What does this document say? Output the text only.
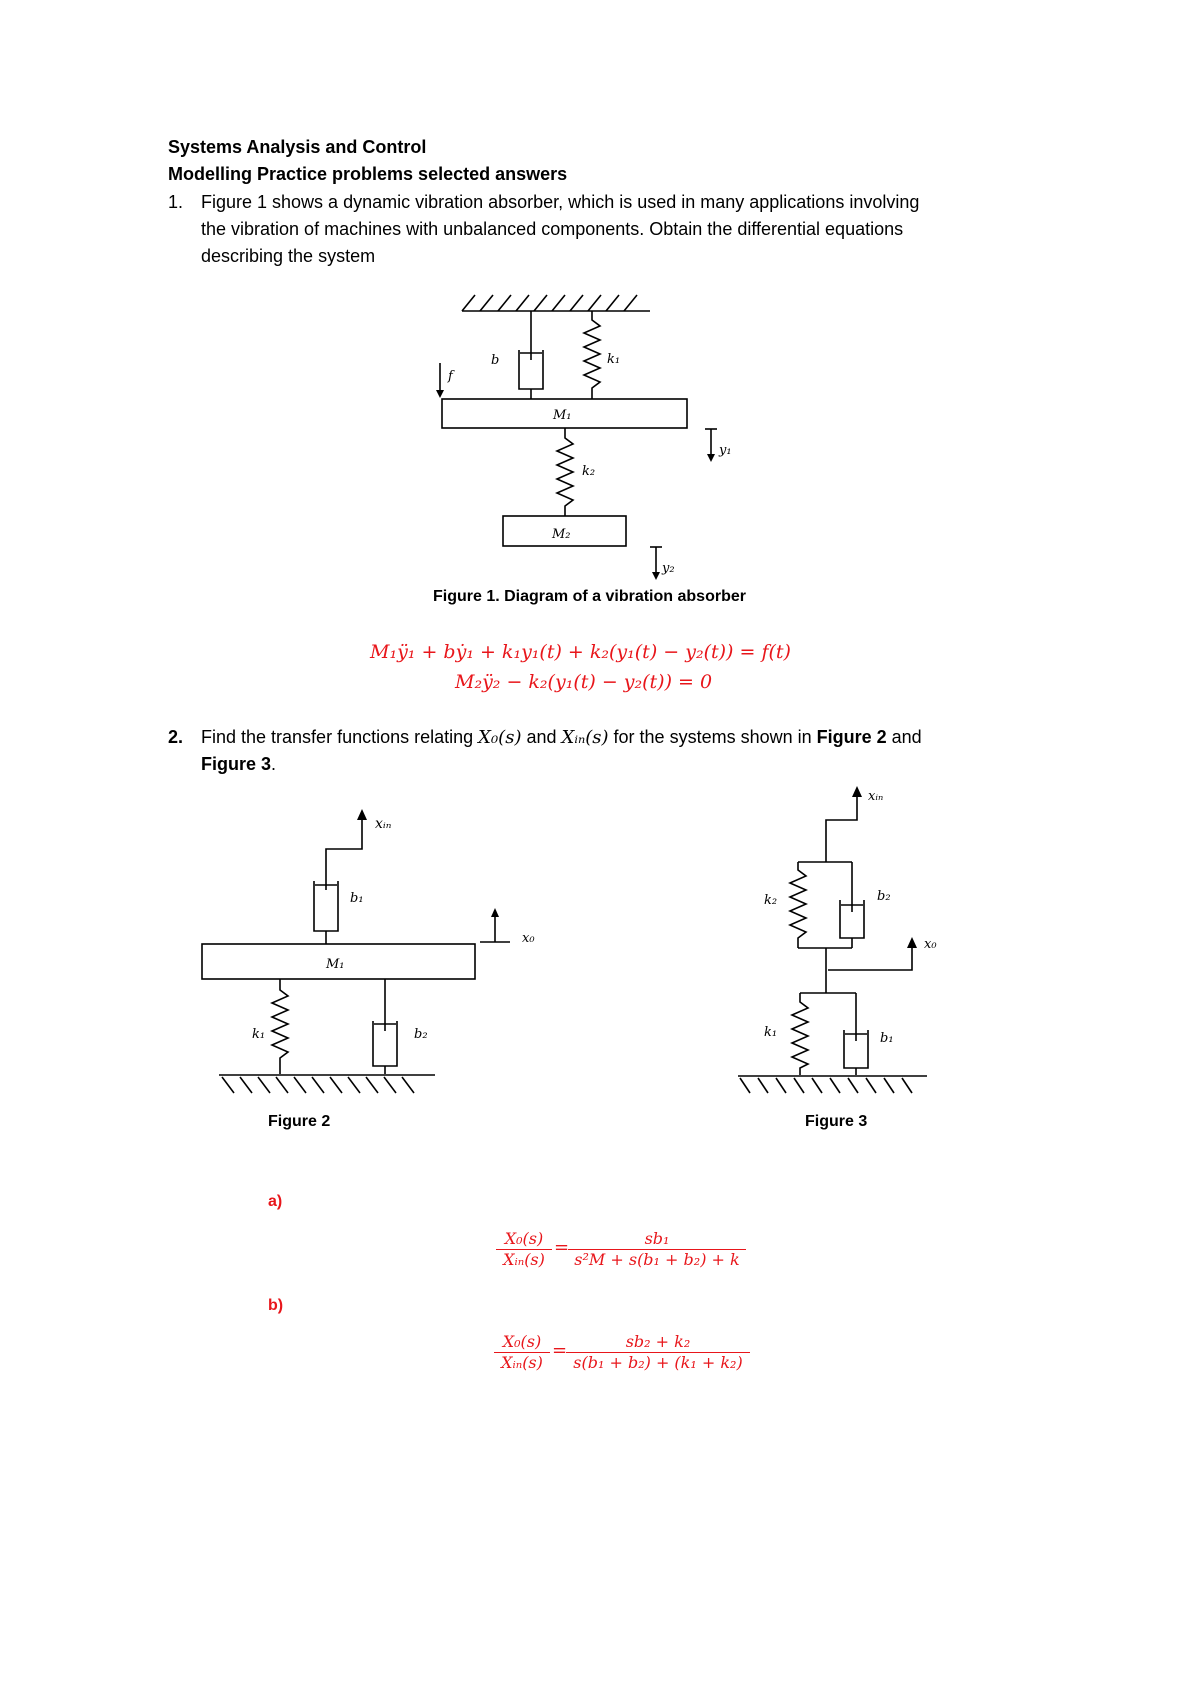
Systems Analysis and Control
Modelling Practice problems selected answers
1. Figure 1 shows a dynamic vibration absorber, which is used in many applications involving
the vibration of machines with unbalanced components. Obtain the differential equations
describing the system
b	k₁
f
M₁
k₂
M₂
y₁
y₂
xᵢₙ
b₁
x₀
M₁
k₁	b₂
xᵢₙ
k₂	b₂
x₀
k₁	b₁
Figure 1. Diagram of a vibration absorber
M₁ÿ₁ + bẏ₁ + k₁y₁(t) + k₂(y₁(t) − y₂(t)) = f(t)
M₂ÿ₂ − k₂(y₁(t) − y₂(t)) = 0
2. Find the transfer functions relating X₀(s) and Xᵢₙ(s) for the systems shown in Figure 2 and
Figure 3.
Figure 2	Figure 3
a)
X₀(s)
Xᵢₙ(s)
=	sb₁
s²M + s(b₁ + b₂) + k
b)
X₀(s)
Xᵢₙ(s)
=	sb₂ + k₂
s(b₁ + b₂) + (k₁ + k₂)
